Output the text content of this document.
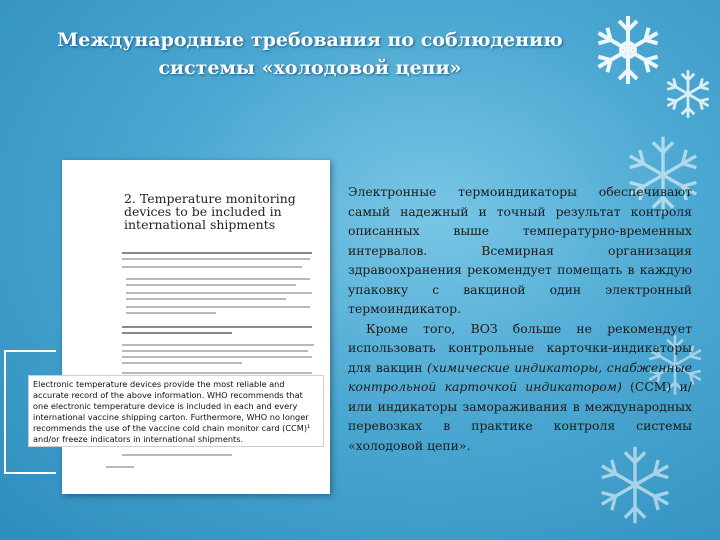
Международные требования по соблюдению
системы «холодовой цепи»
2. Temperature monitoring devices to be included in international shipments
Electronic temperature devices provide the most reliable and accurate record of the above information. WHO recommends that one electronic temperature device is included in each and every international vaccine shipping carton. Furthermore, WHO no longer recommends the use of the vaccine cold chain monitor card (CCM)¹ and/or freeze indicators in international shipments.

Электронные термоиндикаторы обеспечивают самый надежный и точный результат контроля описанных выше температурно-временных интервалов. Всемирная организация здравоохранения рекомендует помещать в каждую упаковку с вакциной один электронный термоиндикатор.

Кроме того, ВОЗ больше не рекомендует использовать контрольные карточки-индикаторы для вакцин (химические индикаторы, снабженные контрольной карточкой индикатором) (ССМ) и/или индикаторы замораживания в международных перевозках в практике контроля системы «холодовой цепи».
